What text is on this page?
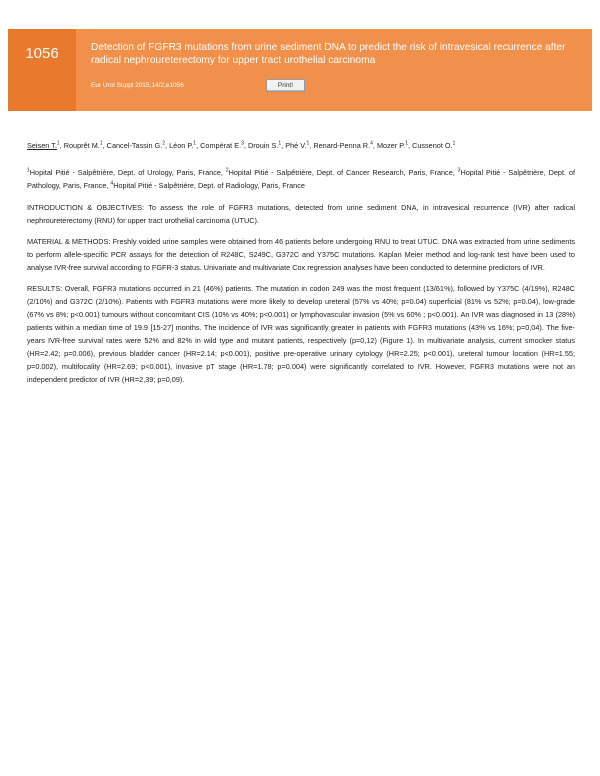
1056	Detection of FGFR3 mutations from urine sediment DNA to predict the risk of intravesical recurrence after radical nephroureterectomy for upper tract urothelial carcinoma

Eur Urol Suppl 2015;14/2;e1056	Print!

Seisen T.$^1$, Rouprêt M.$^1$, Cancel-Tassin G.$^2$, Léon P.$^1$, Compérat E.$^3$, Drouin S.$^1$, Phé V.$^1$, Renard-Penna R.$^4$, Mozer P.$^1$, Cussenot O.$^1$

$^1$Hopital Pitié - Salpêtrière, Dept. of Urology, Paris, France, $^2$Hopital Pitié - Salpêtrière, Dept. of Cancer Research, Paris, France, $^3$Hopital Pitié - Salpêtrière, Dept. of Pathology, Paris, France, $^4$Hopital Pitié - Salpêtrière, Dept. of Radiology, Paris, France

INTRODUCTION & OBJECTIVES: To assess the role of FGFR3 mutations, detected from urine sediment DNA, in intravesical recurrence (IVR) after radical nephroureterectomy (RNU) for upper tract urothelial carcinoma (UTUC).

MATERIAL & METHODS: Freshly voided urine samples were obtained from 46 patients before undergoing RNU to treat UTUC. DNA was extracted from urine sediments to perform allele-specific PCR assays for the detection of R248C, S249C, G372C and Y375C mutations. Kaplan Meier method and log-rank test have been used to analyse IVR-free survival according to FGFR-3 status. Univariate and multivariate Cox regression analyses have been conducted to determine predictors of IVR.

RESULTS: Overall, FGFR3 mutations occurred in 21 (46%) patients. The mutation in codon 249 was the most frequent (13/61%), followed by Y375C (4/19%), R248C (2/10%) and G372C (2/10%). Patients with FGFR3 mutations were more likely to develop ureteral (57% vs 40%; p=0.04) superficial (81% vs 52%; p=0.04), low-grade (67% vs 8%; p<0.001) tumours without concomitant CIS (10% vs 40%; p<0.001) or lymphovascular invasion (5% vs 60% ; p<0.001). An IVR was diagnosed in 13 (28%) patients within a median time of 19.9 [15-27] months. The incidence of IVR was significantly greater in patients with FGFR3 mutations (43% vs 16%; p=0,04). The five-years IVR-free survival rates were 52% and 82% in wild type and mutant patients, respectively (p=0,12) (Figure 1). In multivariate analysis, current smocker status (HR=2.42; p=0.006), previous bladder cancer (HR=2.14; p<0.001), positive pre-operative urinary cytology (HR=2.25; p<0.001), ureteral tumour location (HR=1.55; p=0.002), multifocality (HR=2.69; p<0.001), invasive pT stage (HR=1.78; p=0.004) were significantly correlated to IVR. However, FGFR3 mutations were not an independent predictor of IVR (HR=2,39; p=0,09).
